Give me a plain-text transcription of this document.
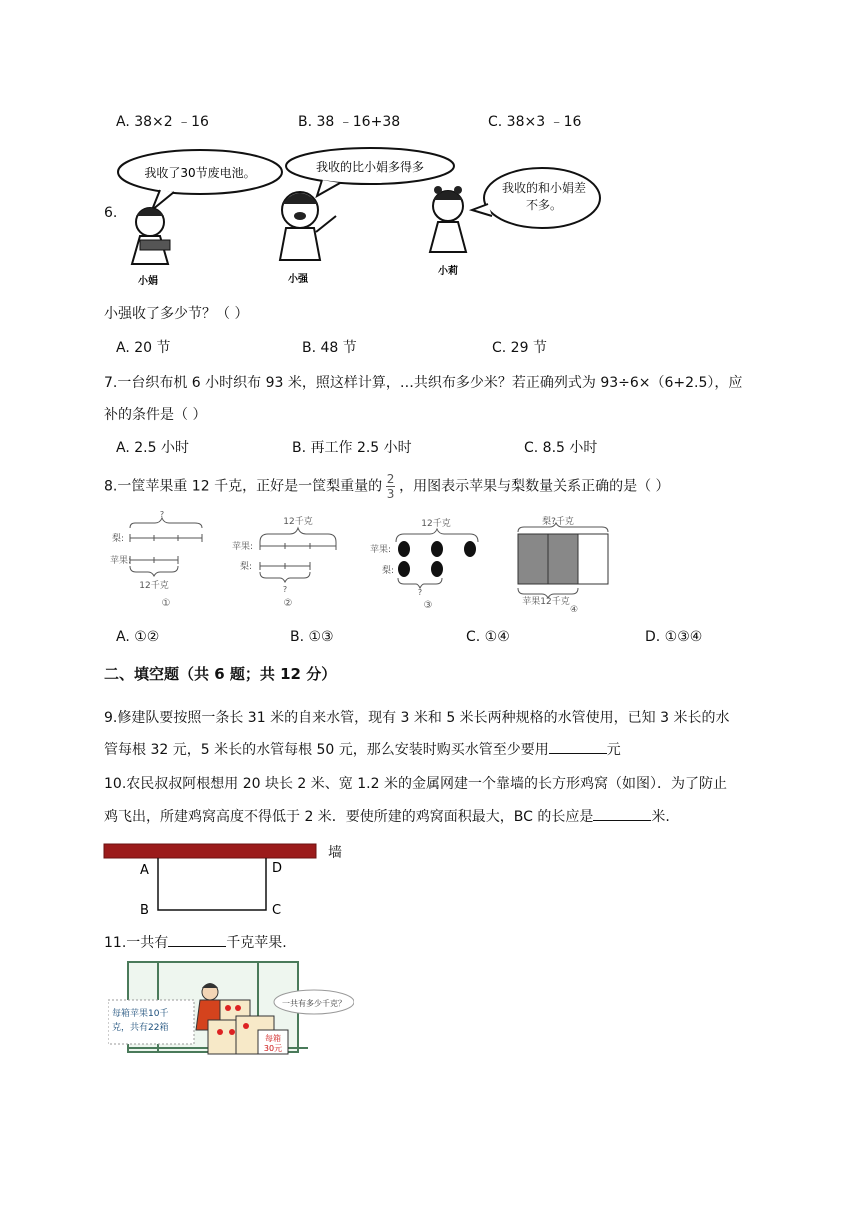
A. 38×2 ﹣16	B. 38 ﹣16+38	C. 38×3 ﹣16
6.
我收了30节废电池。	我收的比小娟多得多
我收的和小娟差不多。
小娟	小强
小莉
小强收了多少节？（ ）
A. 20 节	B. 48 节	C. 29 节
7.一台织布机 6 小时织布 93 米，照这样计算，…共织布多少米？若正确列式为 93÷6×（6+2.5），应
补的条件是（ ）
A. 2.5 小时	B. 再工作 2.5 小时	C. 8.5 小时
8.一筐苹果重 12 千克，正好是一筐梨重量的 $\frac{2}{3}$ ，用图表示苹果与梨数量关系正确的是（ ）
?
梨:
苹果:
12千克
①
12千克
苹果:
梨:
?
②
12千克
苹果:
梨:
?
③
梨?千克
苹果12千克
④
A. ①②	B. ①③	C. ①④	D. ①③④
二、填空题（共 6 题；共 12 分）
9.修建队要按照一条长 31 米的自来水管，现有 3 米和 5 米长两种规格的水管使用，已知 3 米长的水
管每根 32 元，5 米长的水管每根 50 元，那么安装时购买水管至少要用	元
10.农民叔叔阿根想用 20 块长 2 米、宽 1.2 米的金属网建一个靠墙的长方形鸡窝（如图）．为了防止
鸡飞出，所建鸡窝高度不得低于 2 米．要使所建的鸡窝面积最大，BC 的长应是	米.
墙
A	D
B	C
11.一共有	千克苹果.
每箱苹果10千
克，共有22箱
一共有多少千克？
每箱
30元
